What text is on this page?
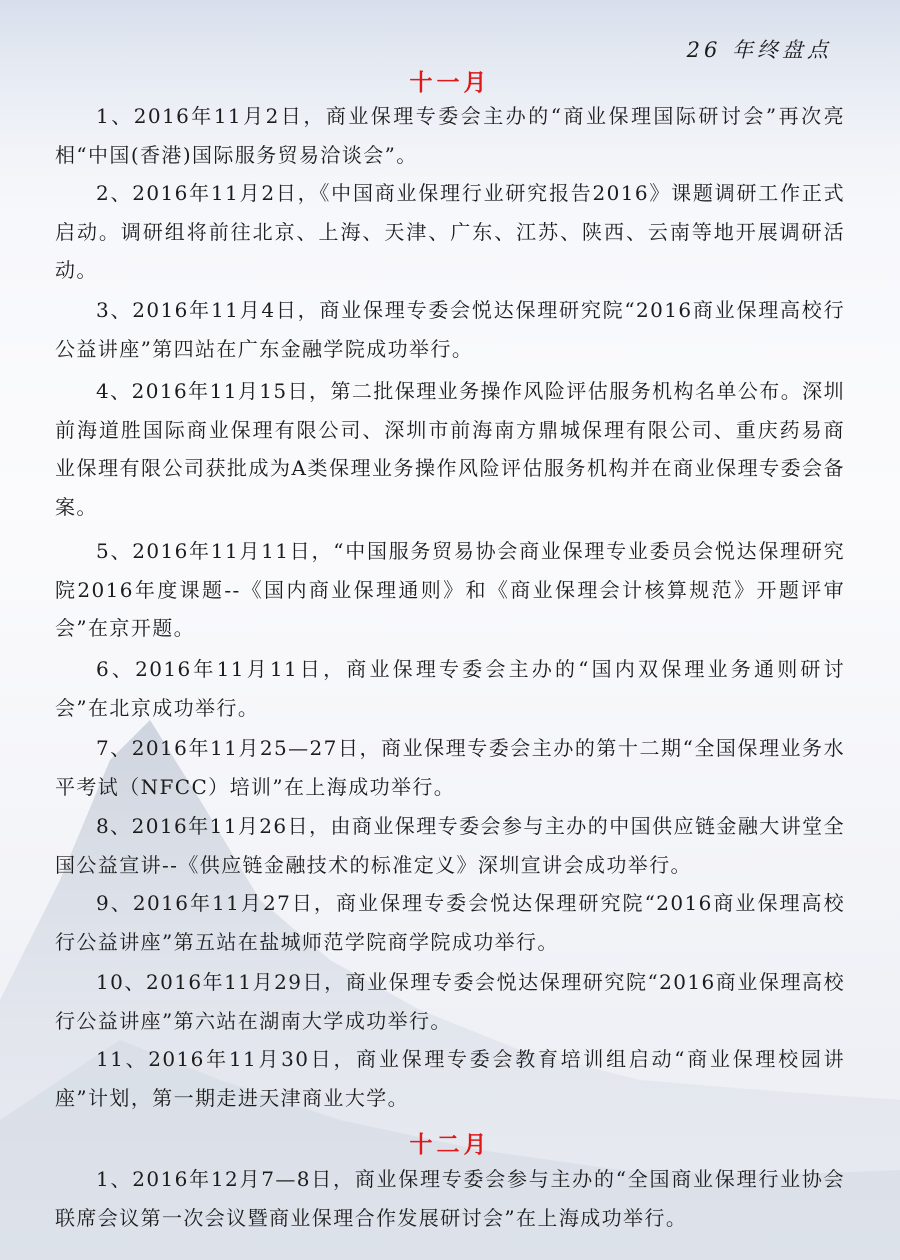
26 年终盘点
十一月
1、2016年11月2日，商业保理专委会主办的“商业保理国际研讨会”再次亮相“中国(香港)国际服务贸易洽谈会”。
2、2016年11月2日，《中国商业保理行业研究报告2016》课题调研工作正式启动。调研组将前往北京、上海、天津、广东、江苏、陕西、云南等地开展调研活动。
3、2016年11月4日，商业保理专委会悦达保理研究院“2016商业保理高校行公益讲座”第四站在广东金融学院成功举行。
4、2016年11月15日，第二批保理业务操作风险评估服务机构名单公布。深圳前海道胜国际商业保理有限公司、深圳市前海南方鼎城保理有限公司、重庆药易商业保理有限公司获批成为A类保理业务操作风险评估服务机构并在商业保理专委会备案。
5、2016年11月11日，“中国服务贸易协会商业保理专业委员会悦达保理研究院2016年度课题--《国内商业保理通则》和《商业保理会计核算规范》开题评审会”在京开题。
6、2016年11月11日，商业保理专委会主办的“国内双保理业务通则研讨会”在北京成功举行。
7、2016年11月25—27日，商业保理专委会主办的第十二期“全国保理业务水平考试（NFCC）培训”在上海成功举行。
8、2016年11月26日，由商业保理专委会参与主办的中国供应链金融大讲堂全国公益宣讲--《供应链金融技术的标准定义》深圳宣讲会成功举行。
9、2016年11月27日，商业保理专委会悦达保理研究院“2016商业保理高校行公益讲座”第五站在盐城师范学院商学院成功举行。
10、2016年11月29日，商业保理专委会悦达保理研究院“2016商业保理高校行公益讲座”第六站在湖南大学成功举行。
11、2016年11月30日，商业保理专委会教育培训组启动“商业保理校园讲座”计划，第一期走进天津商业大学。
十二月
1、2016年12月7—8日，商业保理专委会参与主办的“全国商业保理行业协会联席会议第一次会议暨商业保理合作发展研讨会”在上海成功举行。
